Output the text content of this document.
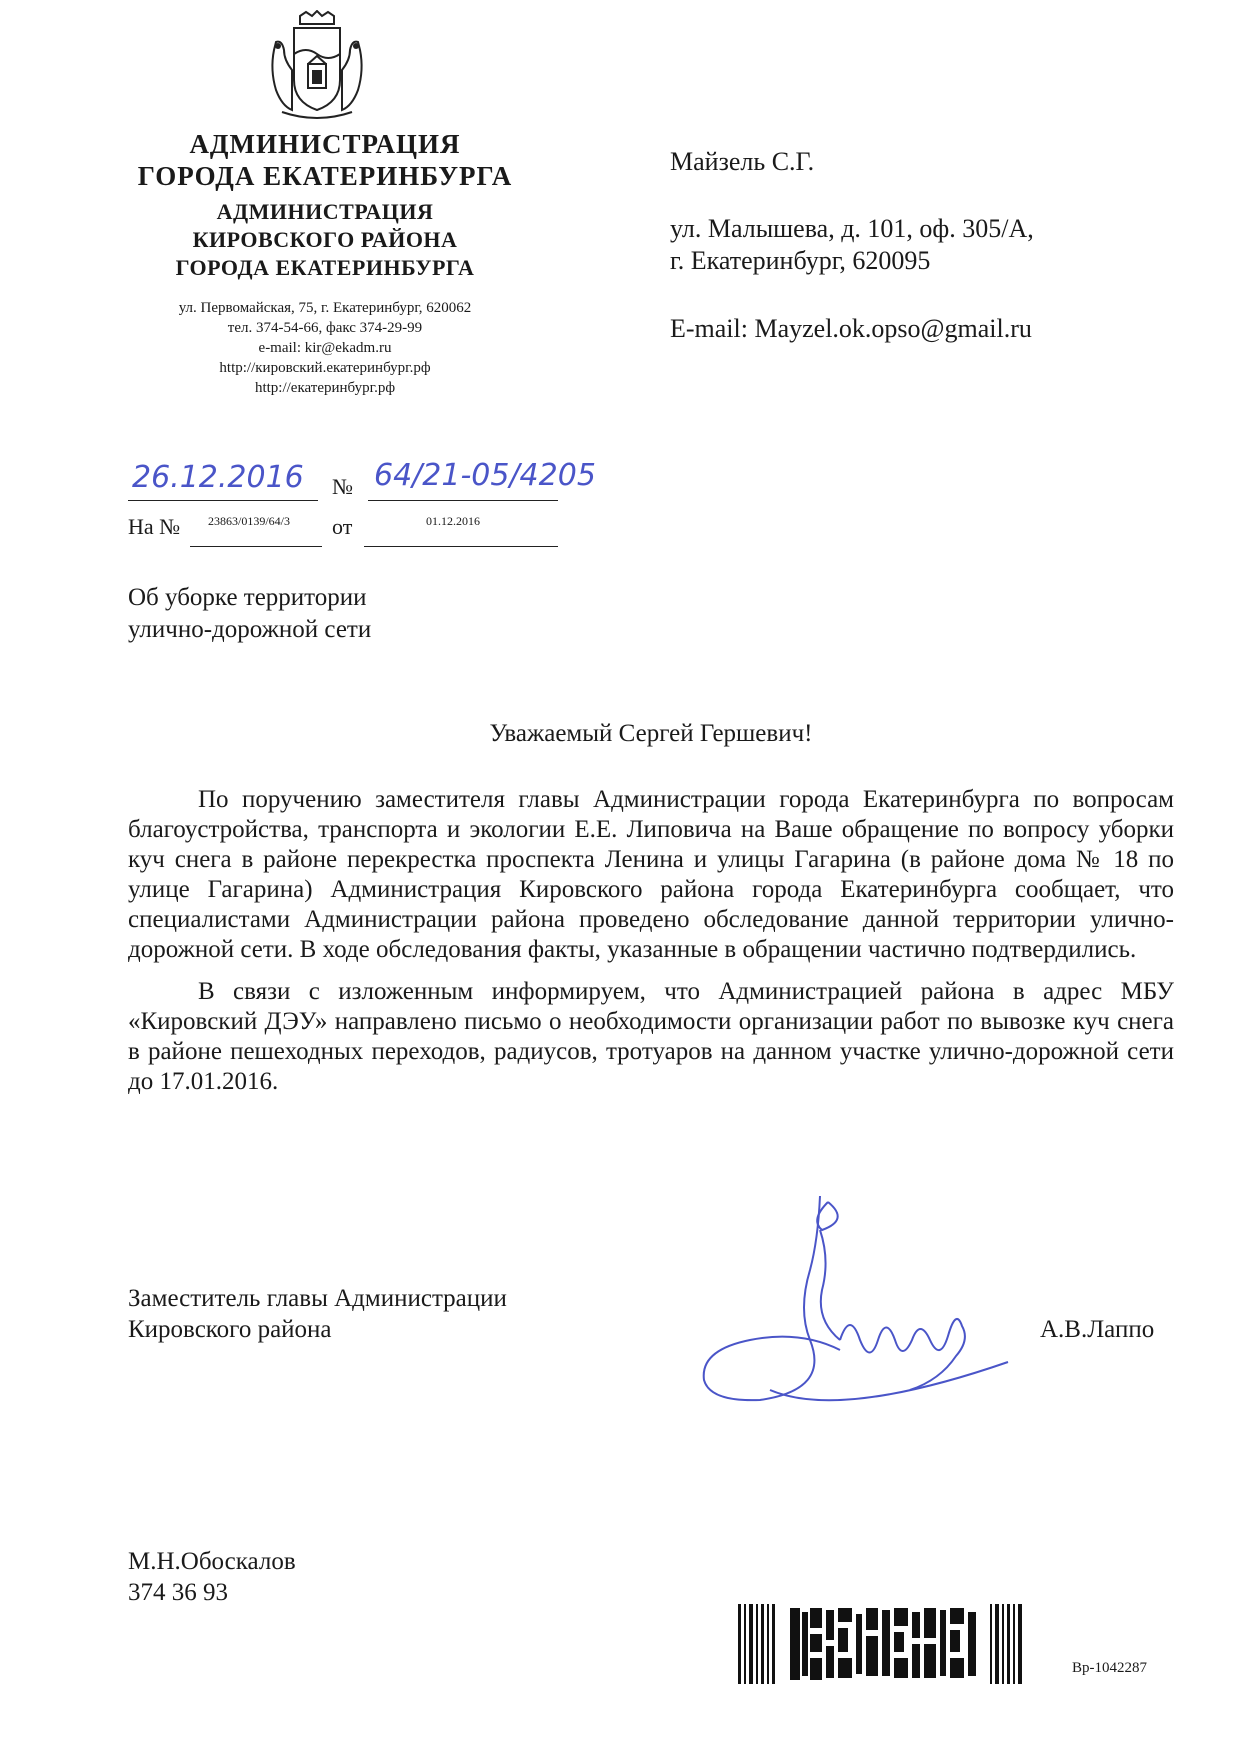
АДМИНИСТРАЦИЯ
ГОРОДА ЕКАТЕРИНБУРГА
АДМИНИСТРАЦИЯ
КИРОВСКОГО РАЙОНА
ГОРОДА ЕКАТЕРИНБУРГА
ул. Первомайская, 75, г. Екатеринбург, 620062
тел. 374-54-66, факс 374-29-99
e-mail: kir@ekadm.ru
http://кировский.екатеринбург.рф
http://екатеринбург.рф
Майзель С.Г.
ул. Малышева, д. 101, оф. 305/А,
г. Екатеринбург, 620095
E-mail: Mayzel.ok.opso@gmail.ru
26.12.2016 № 64/21-05/4205
На № 23863/0139/64/3 от	01.12.2016
Об уборке территории
улично-дорожной сети
Уважаемый Сергей Гершевич!

По поручению заместителя главы Администрации города Екатеринбурга по вопросам благоустройства, транспорта и экологии Е.Е. Липовича на Ваше обращение по вопросу уборки куч снега в районе перекрестка проспекта Ленина и улицы Гагарина (в районе дома № 18 по улице Гагарина) Администрация Кировского района города Екатеринбурга сообщает, что специалистами Администрации района проведено обследование данной территории улично-дорожной сети. В ходе обследования факты, указанные в обращении частично подтвердились.

В связи с изложенным информируем, что Администрацией района в адрес МБУ «Кировский ДЭУ» направлено письмо о необходимости организации работ по вывозке куч снега в районе пешеходных переходов, радиусов, тротуаров на данном участке улично-дорожной сети до 17.01.2016.

Заместитель главы Администрации
Кировского района	А.В.Лаппо
М.Н.Обоскалов
374 36 93
Вр-1042287
